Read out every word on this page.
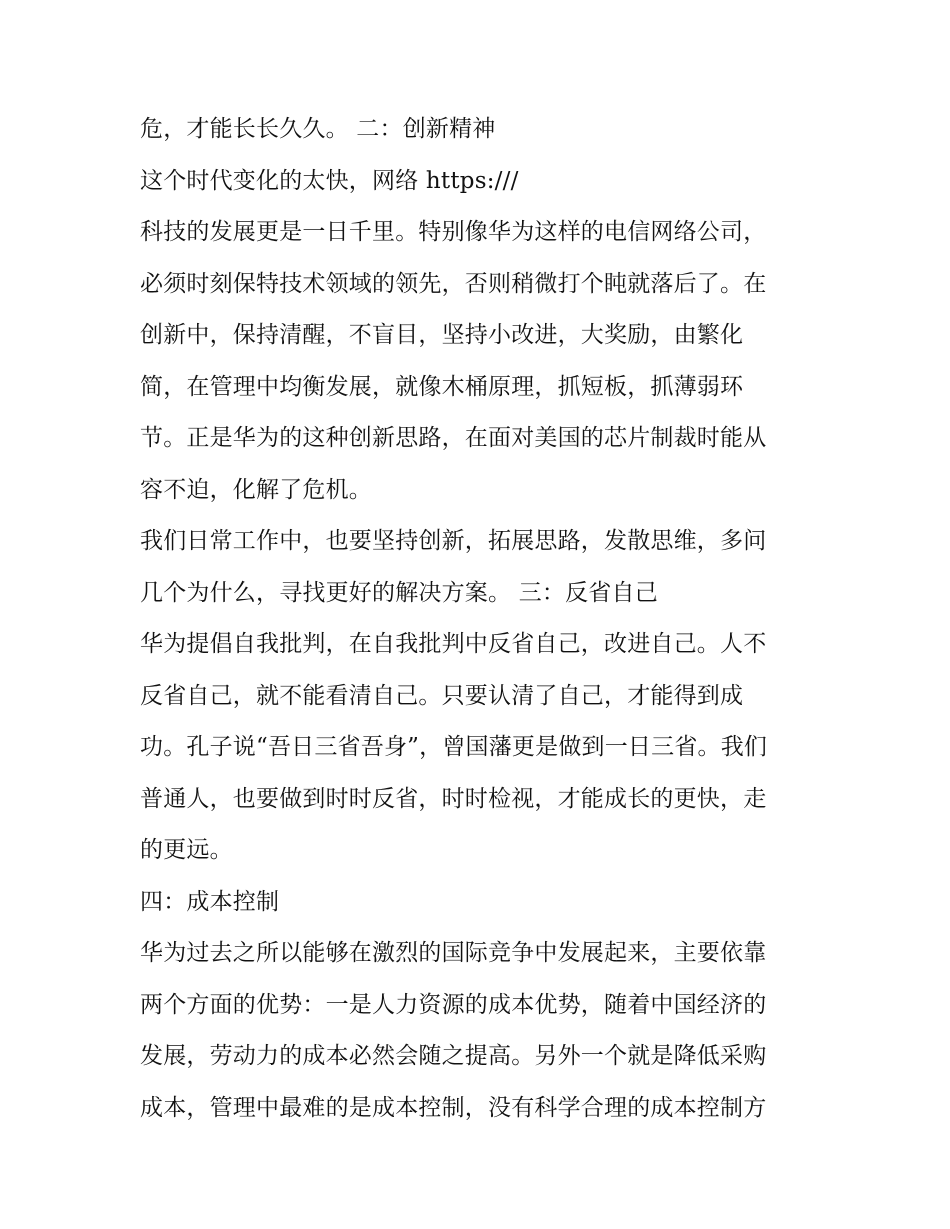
危，才能长长久久。 二：创新精神
这个时代变化的太快，网络 https:///
科技的发展更是一日千里。特别像华为这样的电信网络公司，
必须时刻保特技术领域的领先，否则稍微打个盹就落后了。在
创新中，保持清醒，不盲目，坚持小改进，大奖励，由繁化
简，在管理中均衡发展，就像木桶原理，抓短板，抓薄弱环
节。正是华为的这种创新思路，在面对美国的芯片制裁时能从
容不迫，化解了危机。
我们日常工作中，也要坚持创新，拓展思路，发散思维，多问
几个为什么，寻找更好的解决方案。 三：反省自己
华为提倡自我批判，在自我批判中反省自己，改进自己。人不
反省自己，就不能看清自己。只要认清了自己，才能得到成
功。孔子说“吾日三省吾身”，曾国藩更是做到一日三省。我们
普通人，也要做到时时反省，时时检视，才能成长的更快，走
的更远。
四：成本控制
华为过去之所以能够在激烈的国际竞争中发展起来，主要依靠
两个方面的优势：一是人力资源的成本优势，随着中国经济的
发展，劳动力的成本必然会随之提高。另外一个就是降低采购
成本，管理中最难的是成本控制，没有科学合理的成本控制方
